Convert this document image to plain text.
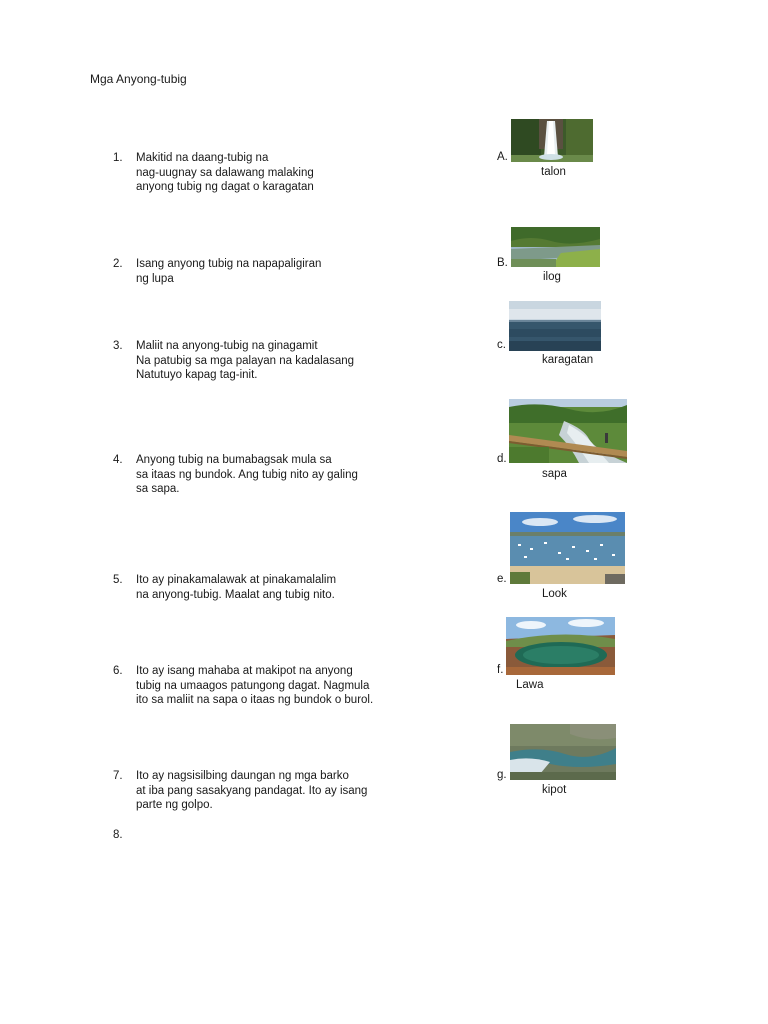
Mga Anyong-tubig
1.	Makitid na daang-tubig na
nag-uugnay sa dalawang malaking
anyong tubig ng dagat o karagatan
2.	Isang anyong tubig na napapaligiran
ng lupa
3.	Maliit na anyong-tubig na ginagamit
Na patubig sa mga palayan na kadalasang
Natutuyo kapag tag-init.
4.	Anyong tubig na bumabagsak mula sa
sa itaas ng bundok. Ang tubig nito ay galing
sa sapa.
5.	Ito ay pinakamalawak at pinakamalalim
na anyong-tubig. Maalat ang tubig nito.
6.	Ito ay isang mahaba at makipot na anyong
tubig na umaagos patungong dagat. Nagmula
ito sa maliit na sapa o itaas ng bundok o burol.
7.	Ito ay nagsisilbing daungan ng mga barko
at iba pang sasakyang pandagat. Ito ay isang
parte ng golpo.
8.
A.
talon
B.
ilog
c.
karagatan
d.
sapa
e.
Look
f.
Lawa
g.
kipot
